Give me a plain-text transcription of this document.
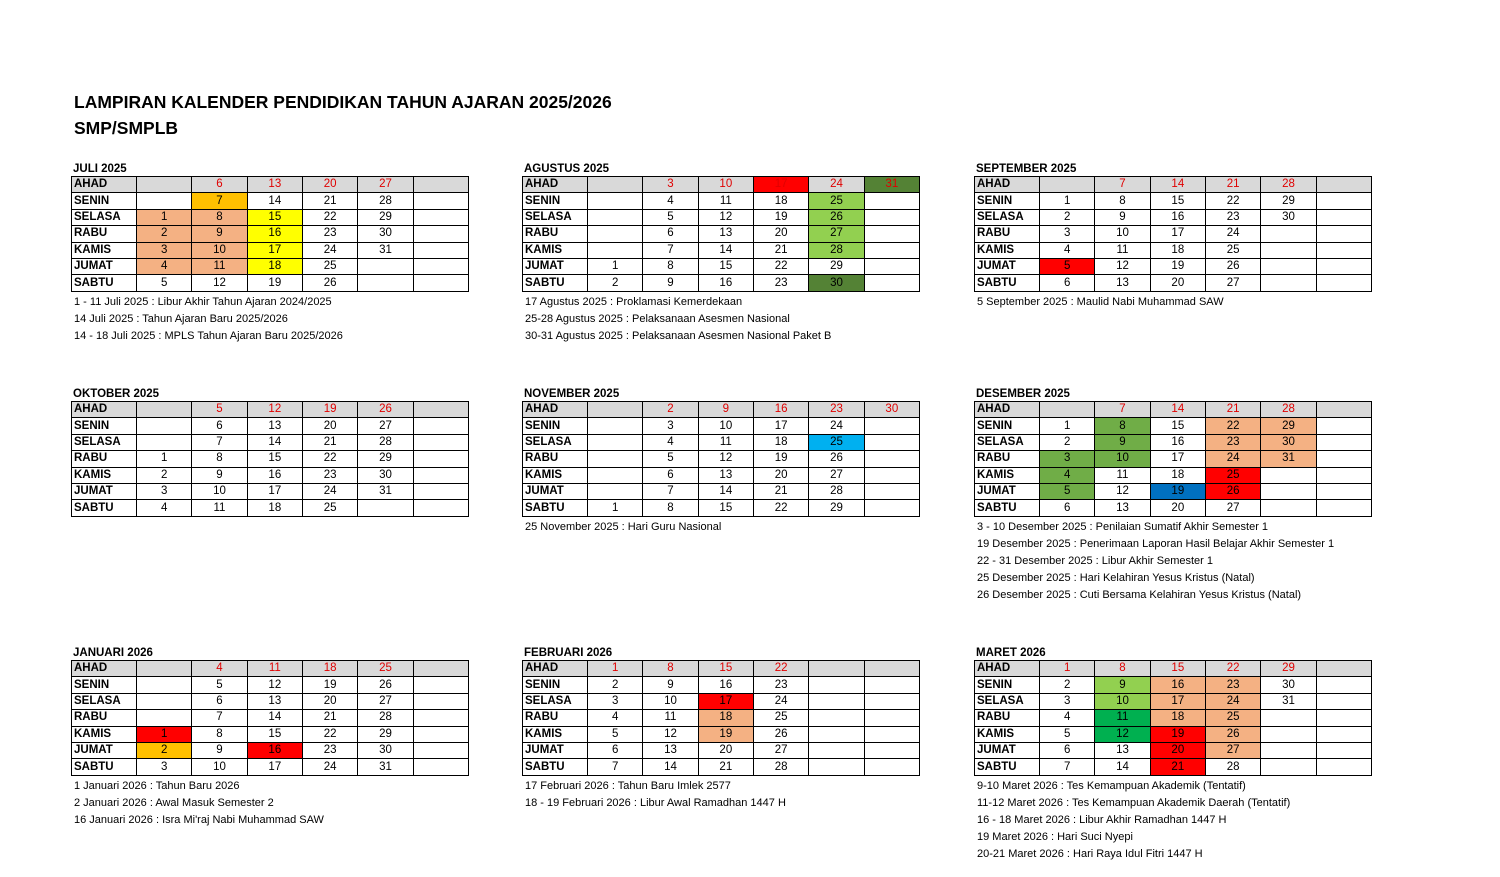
LAMPIRAN KALENDER PENDIDIKAN TAHUN AJARAN 2025/2026
SMP/SMPLB
JULI 2025
AHAD		6	13	20	27	
SENIN		7	14	21	28	
SELASA	1	8	15	22	29	
RABU	2	9	16	23	30	
KAMIS	3	10	17	24	31	
JUMAT	4	11	18	25		
SABTU	5	12	19	26		
1 - 11 Juli 2025 : Libur Akhir Tahun Ajaran 2024/2025
14 Juli 2025 : Tahun Ajaran Baru 2025/2026
14 - 18 Juli 2025 : MPLS Tahun Ajaran Baru 2025/2026
AGUSTUS 2025
AHAD		3	10	17	24	31
SENIN		4	11	18	25	
SELASA		5	12	19	26	
RABU		6	13	20	27	
KAMIS		7	14	21	28	
JUMAT	1	8	15	22	29	
SABTU	2	9	16	23	30	
17 Agustus 2025 : Proklamasi Kemerdekaan
25-28 Agustus 2025 : Pelaksanaan Asesmen Nasional
30-31 Agustus 2025 : Pelaksanaan Asesmen Nasional Paket B
SEPTEMBER 2025
AHAD		7	14	21	28	
SENIN	1	8	15	22	29	
SELASA	2	9	16	23	30	
RABU	3	10	17	24		
KAMIS	4	11	18	25		
JUMAT	5	12	19	26		
SABTU	6	13	20	27		
5 September 2025 : Maulid Nabi Muhammad SAW
OKTOBER 2025
AHAD		5	12	19	26	
SENIN		6	13	20	27	
SELASA		7	14	21	28	
RABU	1	8	15	22	29	
KAMIS	2	9	16	23	30	
JUMAT	3	10	17	24	31	
SABTU	4	11	18	25		
NOVEMBER 2025
AHAD		2	9	16	23	30
SENIN		3	10	17	24	
SELASA		4	11	18	25	
RABU		5	12	19	26	
KAMIS		6	13	20	27	
JUMAT		7	14	21	28	
SABTU	1	8	15	22	29	
25 November 2025 : Hari Guru Nasional
DESEMBER 2025
AHAD		7	14	21	28	
SENIN	1	8	15	22	29	
SELASA	2	9	16	23	30	
RABU	3	10	17	24	31	
KAMIS	4	11	18	25		
JUMAT	5	12	19	26		
SABTU	6	13	20	27		
3 - 10 Desember 2025 : Penilaian Sumatif Akhir Semester 1
19 Desember 2025 : Penerimaan Laporan Hasil Belajar Akhir Semester 1
22 - 31 Desember 2025 : Libur Akhir Semester 1
25 Desember 2025 : Hari Kelahiran Yesus Kristus (Natal)
26 Desember 2025 : Cuti Bersama Kelahiran Yesus Kristus (Natal)
JANUARI 2026
AHAD		4	11	18	25	
SENIN		5	12	19	26	
SELASA		6	13	20	27	
RABU		7	14	21	28	
KAMIS	1	8	15	22	29	
JUMAT	2	9	16	23	30	
SABTU	3	10	17	24	31	
1 Januari 2026 : Tahun Baru 2026
2 Januari 2026 : Awal Masuk Semester 2
16 Januari 2026 : Isra Mi'raj Nabi Muhammad SAW
FEBRUARI 2026
AHAD	1	8	15	22		
SENIN	2	9	16	23		
SELASA	3	10	17	24		
RABU	4	11	18	25		
KAMIS	5	12	19	26		
JUMAT	6	13	20	27		
SABTU	7	14	21	28		
17 Februari 2026 : Tahun Baru Imlek 2577
18 - 19 Februari 2026 : Libur Awal Ramadhan 1447 H
MARET 2026
AHAD	1	8	15	22	29	
SENIN	2	9	16	23	30	
SELASA	3	10	17	24	31	
RABU	4	11	18	25		
KAMIS	5	12	19	26		
JUMAT	6	13	20	27		
SABTU	7	14	21	28		
9-10 Maret 2026 : Tes Kemampuan Akademik (Tentatif)
11-12 Maret 2026 : Tes Kemampuan Akademik Daerah (Tentatif)
16 - 18 Maret 2026 : Libur Akhir Ramadhan 1447 H
19 Maret 2026 : Hari Suci Nyepi
20-21 Maret 2026 : Hari Raya Idul Fitri 1447 H
